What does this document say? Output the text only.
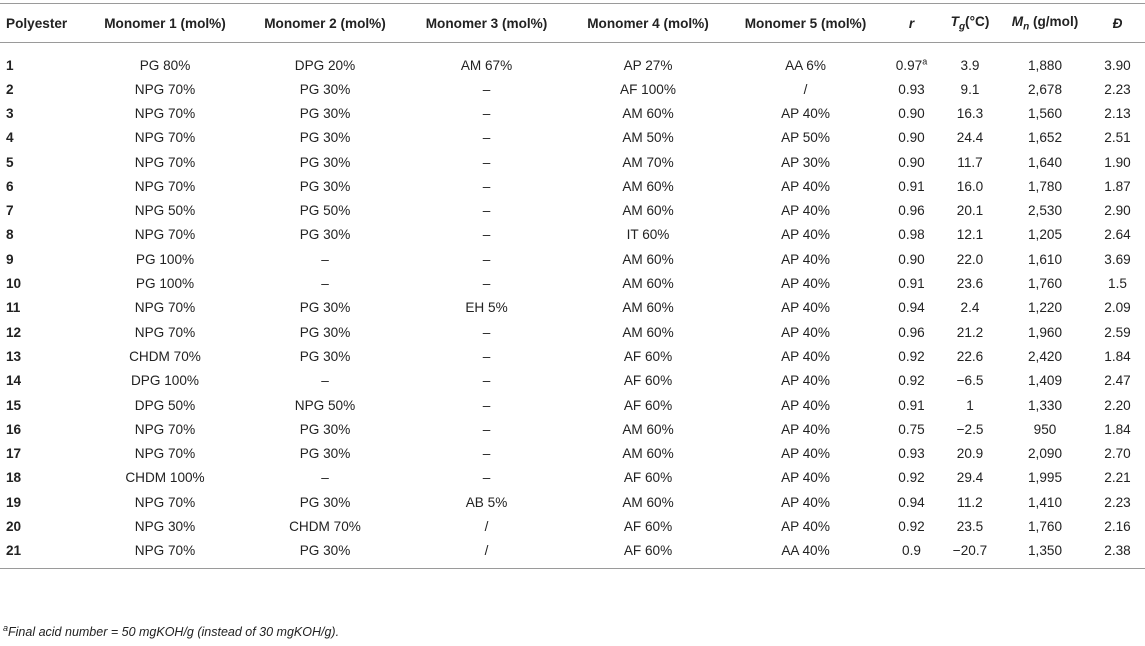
Polyester	Monomer 1 (mol%)	Monomer 2 (mol%)	Monomer 3 (mol%)	Monomer 4 (mol%)	Monomer 5 (mol%)	r	$T_g(^\circ C)$	$M_n$ (g/mol)	Đ
1	PG 80%	DPG 20%	AM 67%	AP 27%	AA 6%	0.97$^a$	3.9	1,880	3.90
2	NPG 70%	PG 30%	–	AF 100%	/	0.93	9.1	2,678	2.23
3	NPG 70%	PG 30%	–	AM 60%	AP 40%	0.90	16.3	1,560	2.13
4	NPG 70%	PG 30%	–	AM 50%	AP 50%	0.90	24.4	1,652	2.51
5	NPG 70%	PG 30%	–	AM 70%	AP 30%	0.90	11.7	1,640	1.90
6	NPG 70%	PG 30%	–	AM 60%	AP 40%	0.91	16.0	1,780	1.87
7	NPG 50%	PG 50%	–	AM 60%	AP 40%	0.96	20.1	2,530	2.90
8	NPG 70%	PG 30%	–	IT 60%	AP 40%	0.98	12.1	1,205	2.64
9	PG 100%	–	–	AM 60%	AP 40%	0.90	22.0	1,610	3.69
10	PG 100%	–	–	AM 60%	AP 40%	0.91	23.6	1,760	1.5
11	NPG 70%	PG 30%	EH 5%	AM 60%	AP 40%	0.94	2.4	1,220	2.09
12	NPG 70%	PG 30%	–	AM 60%	AP 40%	0.96	21.2	1,960	2.59
13	CHDM 70%	PG 30%	–	AF 60%	AP 40%	0.92	22.6	2,420	1.84
14	DPG 100%	–	–	AF 60%	AP 40%	0.92	−6.5	1,409	2.47
15	DPG 50%	NPG 50%	–	AF 60%	AP 40%	0.91	1	1,330	2.20
16	NPG 70%	PG 30%	–	AM 60%	AP 40%	0.75	−2.5	950	1.84
17	NPG 70%	PG 30%	–	AM 60%	AP 40%	0.93	20.9	2,090	2.70
18	CHDM 100%	–	–	AF 60%	AP 40%	0.92	29.4	1,995	2.21
19	NPG 70%	PG 30%	AB 5%	AM 60%	AP 40%	0.94	11.2	1,410	2.23
20	NPG 30%	CHDM 70%	/	AF 60%	AP 40%	0.92	23.5	1,760	2.16
21	NPG 70%	PG 30%	/	AF 60%	AA 40%	0.9	−20.7	1,350	2.38
$^a$Final acid number = 50 mgKOH/g (instead of 30 mgKOH/g).
